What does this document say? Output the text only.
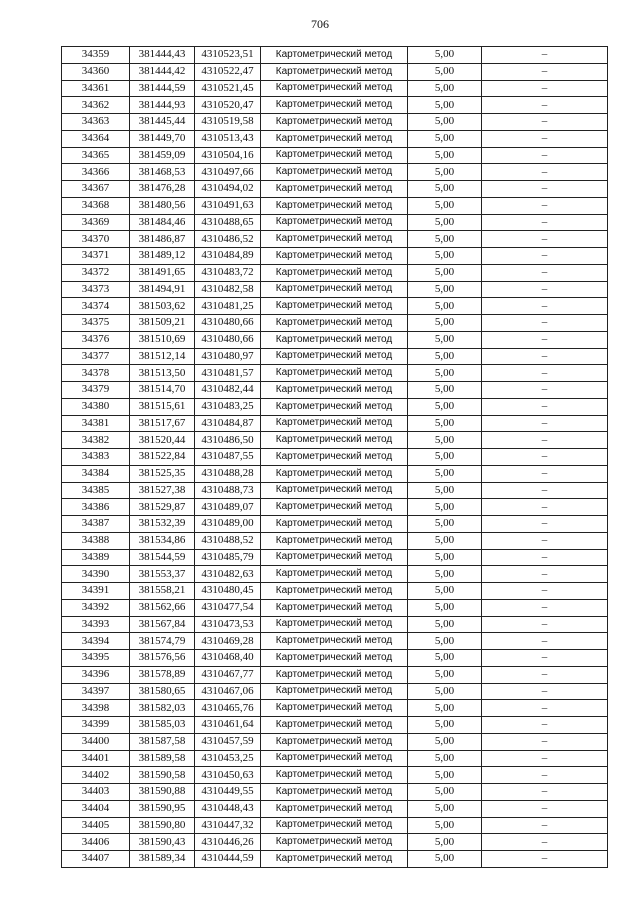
706
34359	381444,43	4310523,51	Картометрический метод	5,00	–
34360	381444,42	4310522,47	Картометрический метод	5,00	–
34361	381444,59	4310521,45	Картометрический метод	5,00	–
34362	381444,93	4310520,47	Картометрический метод	5,00	–
34363	381445,44	4310519,58	Картометрический метод	5,00	–
34364	381449,70	4310513,43	Картометрический метод	5,00	–
34365	381459,09	4310504,16	Картометрический метод	5,00	–
34366	381468,53	4310497,66	Картометрический метод	5,00	–
34367	381476,28	4310494,02	Картометрический метод	5,00	–
34368	381480,56	4310491,63	Картометрический метод	5,00	–
34369	381484,46	4310488,65	Картометрический метод	5,00	–
34370	381486,87	4310486,52	Картометрический метод	5,00	–
34371	381489,12	4310484,89	Картометрический метод	5,00	–
34372	381491,65	4310483,72	Картометрический метод	5,00	–
34373	381494,91	4310482,58	Картометрический метод	5,00	–
34374	381503,62	4310481,25	Картометрический метод	5,00	–
34375	381509,21	4310480,66	Картометрический метод	5,00	–
34376	381510,69	4310480,66	Картометрический метод	5,00	–
34377	381512,14	4310480,97	Картометрический метод	5,00	–
34378	381513,50	4310481,57	Картометрический метод	5,00	–
34379	381514,70	4310482,44	Картометрический метод	5,00	–
34380	381515,61	4310483,25	Картометрический метод	5,00	–
34381	381517,67	4310484,87	Картометрический метод	5,00	–
34382	381520,44	4310486,50	Картометрический метод	5,00	–
34383	381522,84	4310487,55	Картометрический метод	5,00	–
34384	381525,35	4310488,28	Картометрический метод	5,00	–
34385	381527,38	4310488,73	Картометрический метод	5,00	–
34386	381529,87	4310489,07	Картометрический метод	5,00	–
34387	381532,39	4310489,00	Картометрический метод	5,00	–
34388	381534,86	4310488,52	Картометрический метод	5,00	–
34389	381544,59	4310485,79	Картометрический метод	5,00	–
34390	381553,37	4310482,63	Картометрический метод	5,00	–
34391	381558,21	4310480,45	Картометрический метод	5,00	–
34392	381562,66	4310477,54	Картометрический метод	5,00	–
34393	381567,84	4310473,53	Картометрический метод	5,00	–
34394	381574,79	4310469,28	Картометрический метод	5,00	–
34395	381576,56	4310468,40	Картометрический метод	5,00	–
34396	381578,89	4310467,77	Картометрический метод	5,00	–
34397	381580,65	4310467,06	Картометрический метод	5,00	–
34398	381582,03	4310465,76	Картометрический метод	5,00	–
34399	381585,03	4310461,64	Картометрический метод	5,00	–
34400	381587,58	4310457,59	Картометрический метод	5,00	–
34401	381589,58	4310453,25	Картометрический метод	5,00	–
34402	381590,58	4310450,63	Картометрический метод	5,00	–
34403	381590,88	4310449,55	Картометрический метод	5,00	–
34404	381590,95	4310448,43	Картометрический метод	5,00	–
34405	381590,80	4310447,32	Картометрический метод	5,00	–
34406	381590,43	4310446,26	Картометрический метод	5,00	–
34407	381589,34	4310444,59	Картометрический метод	5,00	–
